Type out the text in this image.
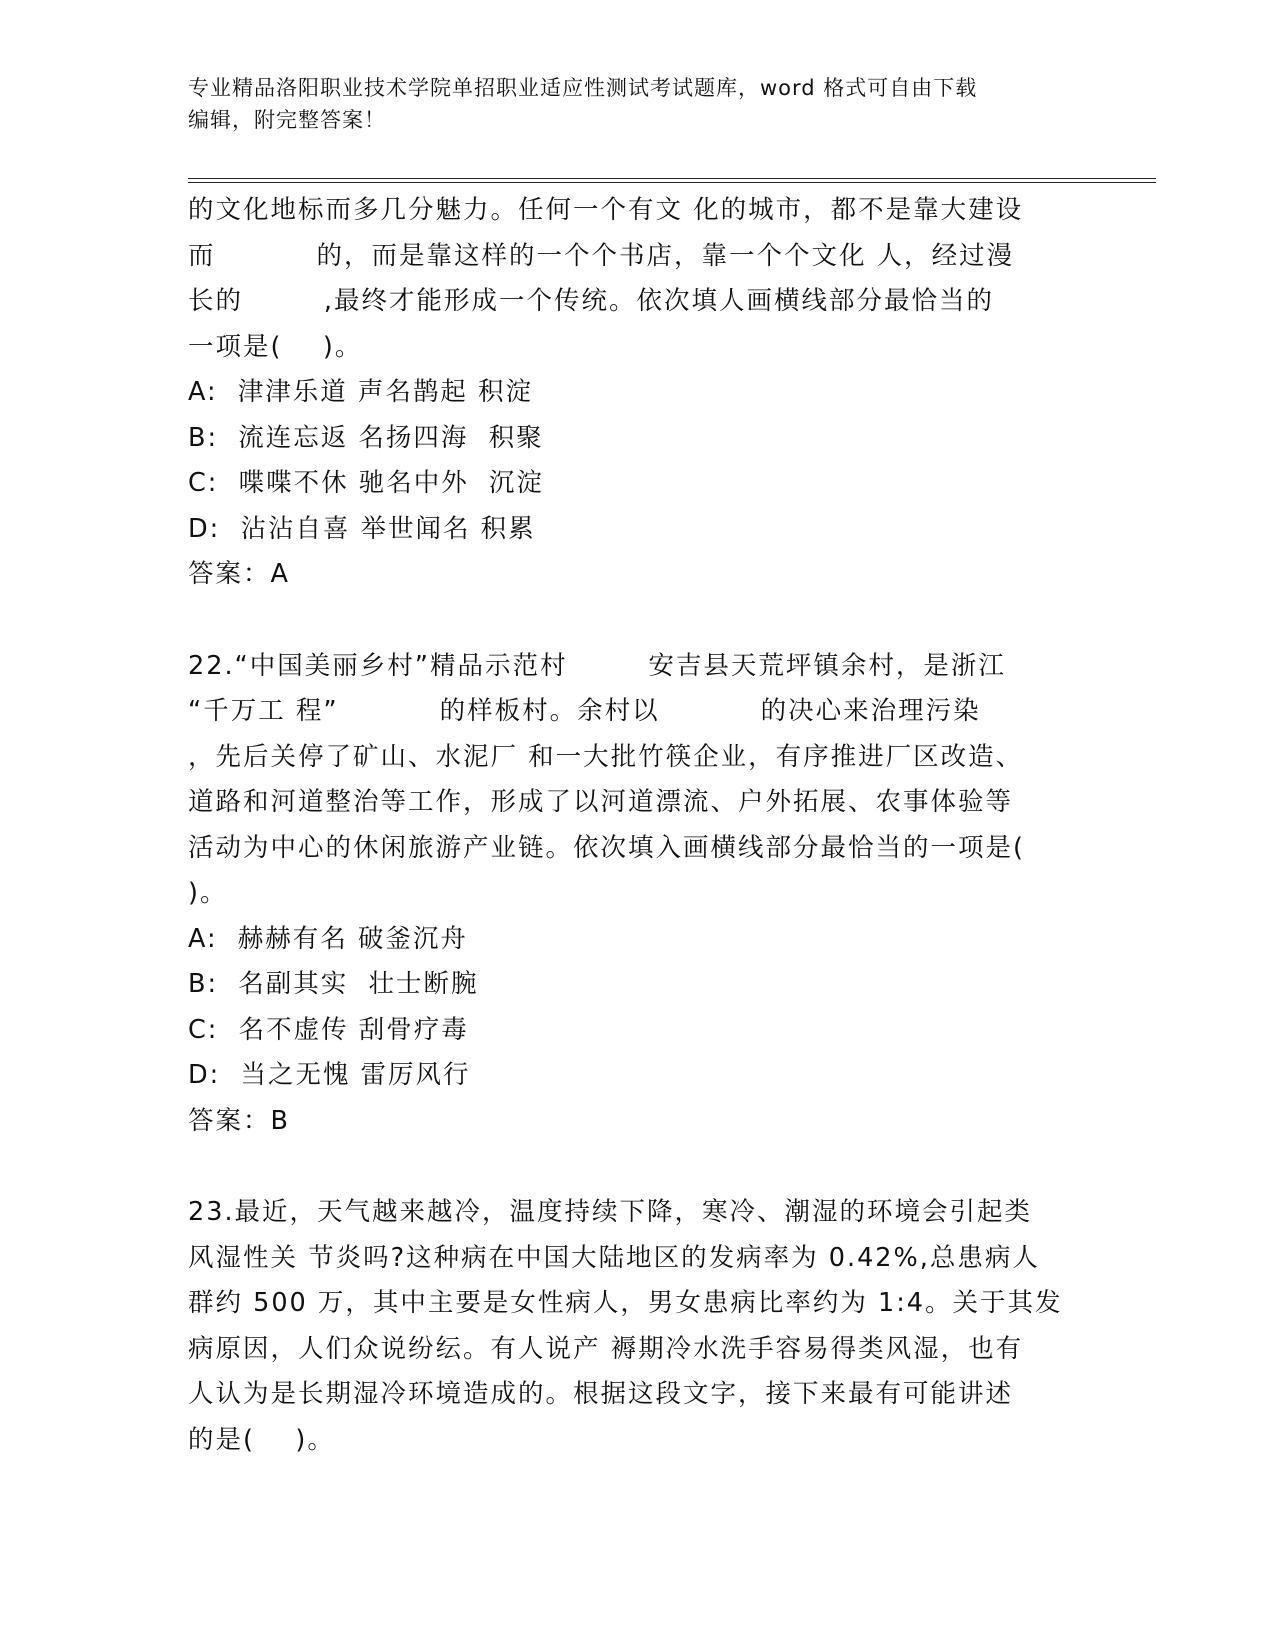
专业精品洛阳职业技术学院单招职业适应性测试考试题库，word 格式可自由下载
编辑，附完整答案！
的文化地标而多几分魅力。任何一个有文 化的城市，都不是靠大建设
而          的，而是靠这样的一个个书店，靠一个个文化 人，经过漫
长的        ,最终才能形成一个传统。依次填人画横线部分最恰当的
一项是(    )。
A:  津津乐道 声名鹊起 积淀
B:  流连忘返 名扬四海  积聚
C:  喋喋不休 驰名中外  沉淀
D:  沾沾自喜 举世闻名 积累
答案：A
22.“中国美丽乡村”精品示范村        安吉县天荒坪镇余村，是浙江
“千万工 程”          的样板村。余村以          的决心来治理污染
，先后关停了矿山、水泥厂 和一大批竹筷企业，有序推进厂区改造、
道路和河道整治等工作，形成了以河道漂流、户外拓展、农事体验等
活动为中心的休闲旅游产业链。依次填入画横线部分最恰当的一项是(
)。
A:  赫赫有名 破釜沉舟
B:  名副其实  壮士断腕
C:  名不虚传 刮骨疗毒
D:  当之无愧 雷厉风行
答案：B
23.最近，天气越来越冷，温度持续下降，寒冷、潮湿的环境会引起类
风湿性关 节炎吗?这种病在中国大陆地区的发病率为 0.42%,总患病人
群约 500 万，其中主要是女性病人，男女患病比率约为 1:4。关于其发
病原因，人们众说纷纭。有人说产 褥期冷水洗手容易得类风湿，也有
人认为是长期湿冷环境造成的。根据这段文字，接下来最有可能讲述
的是(    )。
